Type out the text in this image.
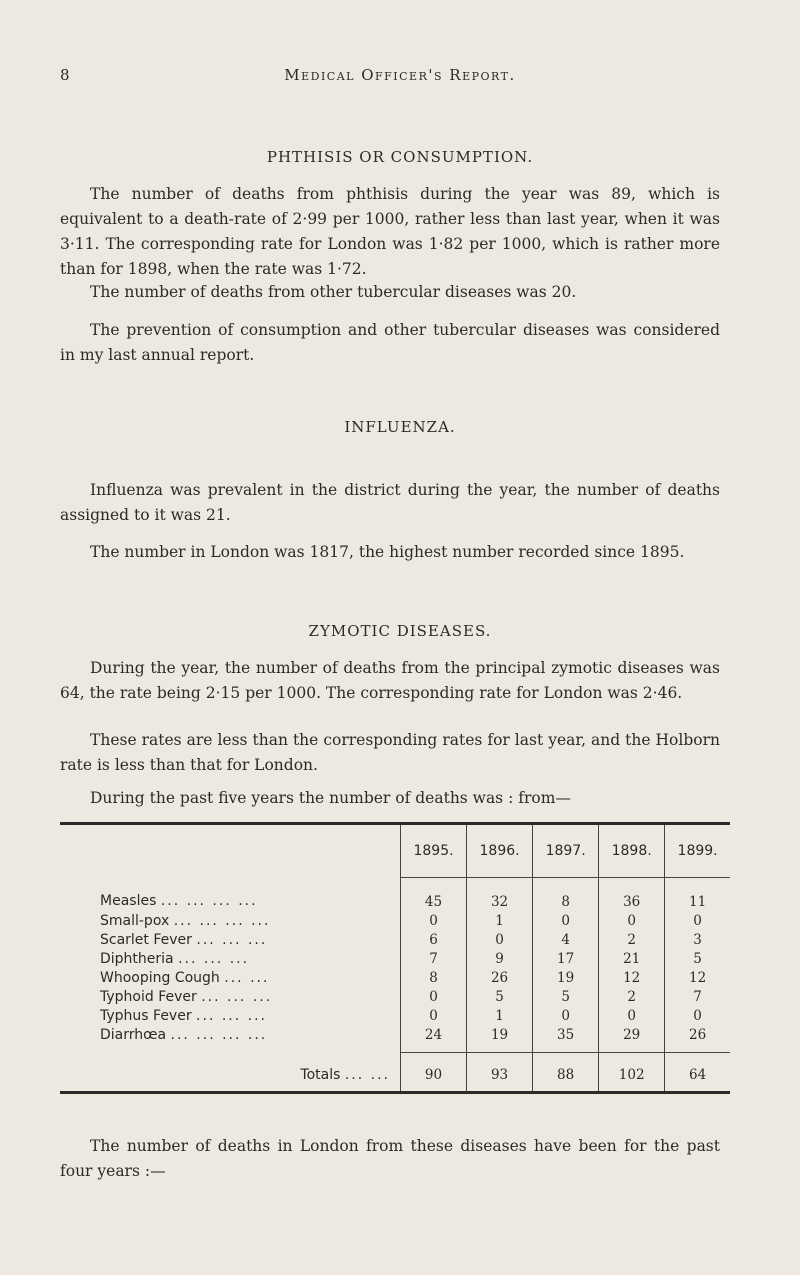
8	Medical Officer's Report.
PHTHISIS OR CONSUMPTION.
The number of deaths from phthisis during the year was 89, which is equivalent to a death-rate of 2·99 per 1000, rather less than last year, when it was 3·11. The corresponding rate for London was 1·82 per 1000, which is rather more than for 1898, when the rate was 1·72.
The number of deaths from other tubercular diseases was 20.
The prevention of consumption and other tubercular diseases was considered in my last annual report.
INFLUENZA.
Influenza was prevalent in the district during the year, the number of deaths assigned to it was 21.
The number in London was 1817, the highest number recorded since 1895.
ZYMOTIC DISEASES.
During the year, the number of deaths from the principal zymotic diseases was 64, the rate being 2·15 per 1000. The corresponding rate for London was 2·46.
These rates are less than the corresponding rates for last year, and the Holborn rate is less than that for London.
During the past five years the number of deaths was : from—
	1895.	1896.	1897.	1898.	1899.
Measles ... ... ... ...	45	32	8	36	11
Small-pox ... ... ... ...	0	1	0	0	0
Scarlet Fever ... ... ...	6	0	4	2	3
Diphtheria ... ... ...	7	9	17	21	5
Whooping Cough ... ...	8	26	19	12	12
Typhoid Fever ... ... ...	0	5	5	2	7
Typhus Fever ... ... ...	0	1	0	0	0
Diarrhœa ... ... ... ...	24	19	35	29	26
Totals ... ...	90	93	88	102	64
The number of deaths in London from these diseases have been for the past four years :—
